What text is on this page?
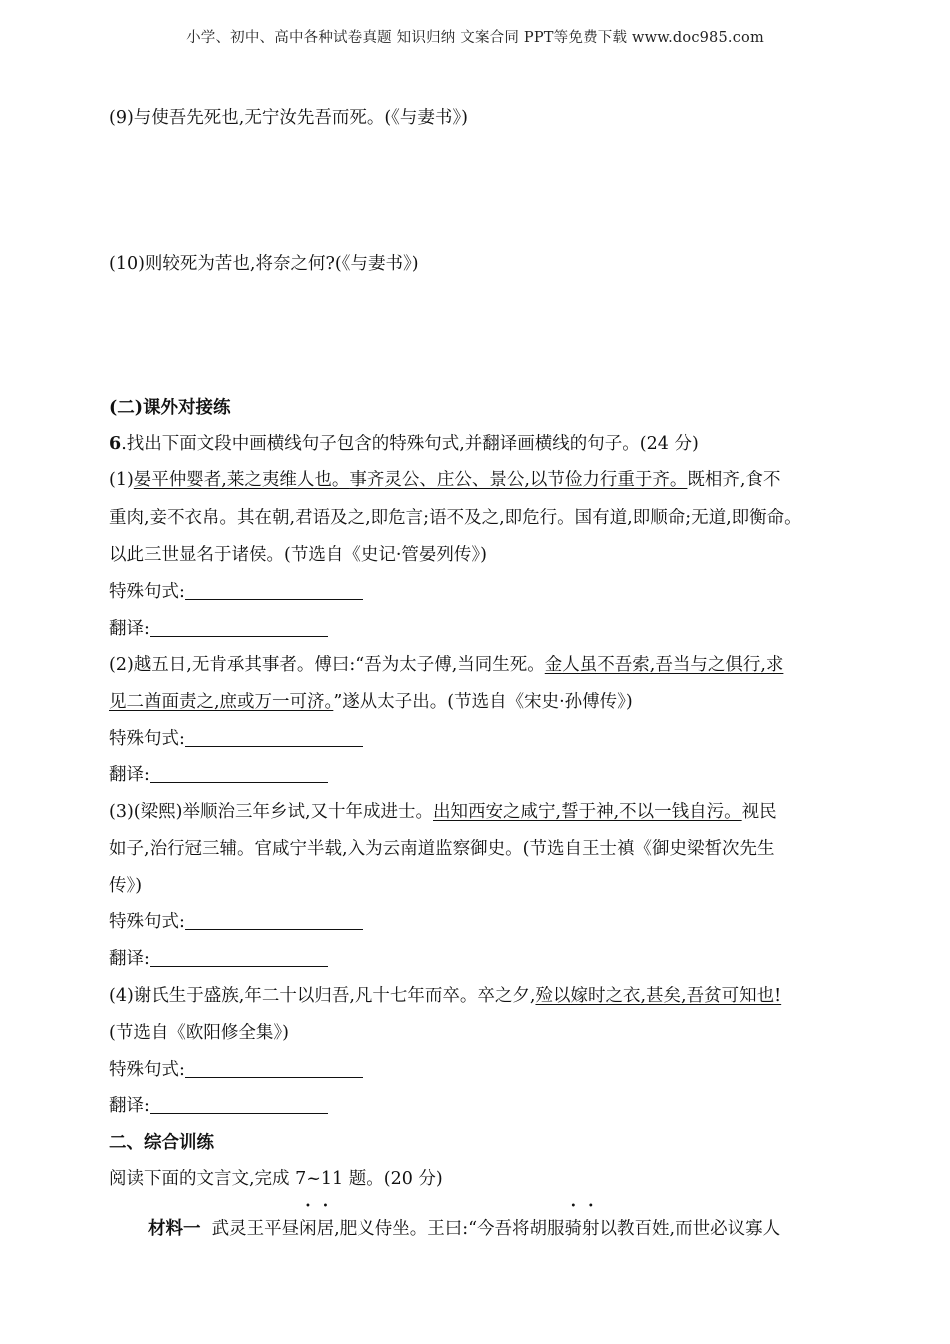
小学、初中、高中各种试卷真题 知识归纳 文案合同 PPT等免费下载 www.doc985.com
(9)与使吾先死也,无宁汝先吾而死。(《与妻书》)
(10)则较死为苦也,将奈之何?(《与妻书》)
(二)课外对接练
6.找出下面文段中画横线句子包含的特殊句式,并翻译画横线的句子。(24 分)
(1)晏平仲婴者,莱之夷维人也。事齐灵公、庄公、景公,以节俭力行重于齐。既相齐,食不
重肉,妾不衣帛。其在朝,君语及之,即危言;语不及之,即危行。国有道,即顺命;无道,即衡命。
以此三世显名于诸侯。(节选自《史记·管晏列传》)
特殊句式:
翻译:
(2)越五日,无肯承其事者。傅曰:“吾为太子傅,当同生死。金人虽不吾索,吾当与之俱行,求
见二酋面责之,庶或万一可济。”遂从太子出。(节选自《宋史·孙傅传》)
特殊句式:
翻译:
(3)(梁熙)举顺治三年乡试,又十年成进士。出知西安之咸宁,誓于神,不以一钱自污。视民
如子,治行冠三辅。官咸宁半载,入为云南道监察御史。(节选自王士禛《御史梁皙次先生
传》)
特殊句式:
翻译:
(4)谢氏生于盛族,年二十以归吾,凡十七年而卒。卒之夕,殓以嫁时之衣,甚矣,吾贫可知也!
(节选自《欧阳修全集》)
特殊句式:
翻译:
二、综合训练
阅读下面的文言文,完成 7~11 题。(20 分)
材料一 武灵王平昼闲居,肥义侍坐。王曰:“今吾将胡服骑射以教百姓,而世必议寡人
